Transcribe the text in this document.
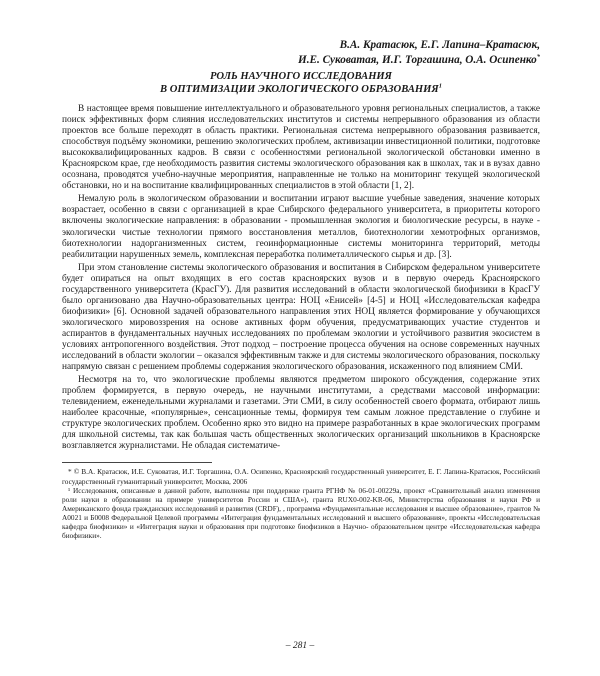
В.А. Кратасюк, Е.Г. Лапина–Кратасюк,
И.Е. Суковатая, И.Г. Торгашина, О.А. Осипенко*

РОЛЬ НАУЧНОГО ИССЛЕДОВАНИЯ
В ОПТИМИЗАЦИИ ЭКОЛОГИЧЕСКОГО ОБРАЗОВАНИЯ$^1$

В настоящее время повышение интеллектуального и образовательного уровня региональных специалистов, а также поиск эффективных форм слияния исследовательских институтов и системы непрерывного образования из области проектов все больше переходят в область практики. Региональная система непрерывного образования развивается, способствуя подъёму экономики, решению экологических проблем, активизации инвестиционной политики, подготовке высококвалифицированных кадров. В связи с особенностями региональной экологической обстановки именно в Красноярском крае, где необходимость развития системы экологического образования как в школах, так и в вузах давно осознана, проводятся учебно-научные мероприятия, направленные не только на мониторинг текущей экологической обстановки, но и на воспитание квалифицированных специалистов в этой области [1, 2].

Немалую роль в экологическом образовании и воспитании играют высшие учебные заведения, значение которых возрастает, особенно в связи с организацией в крае Сибирского федерального университета, в приоритеты которого включены экологические направления: в образовании - промышленная экология и биологические ресурсы, в науке - экологически чистые технологии прямого восстановления металлов, биотехнологии хемотрофных организмов, биотехнологии надорганизменных систем, геоинформационные системы мониторинга территорий, методы реабилитации нарушенных земель, комплексная переработка полиметаллического сырья и др. [3].

При этом становление системы экологического образования и воспитания в Сибирском федеральном университете будет опираться на опыт входящих в его состав красноярских вузов и в первую очередь Красноярского государственного университета (КрасГУ). Для развития исследований в области экологической биофизики в КрасГУ было организовано два Научно-образовательных центра: НОЦ «Енисей» [4-5] и НОЦ «Исследовательская кафедра биофизики» [6]. Основной задачей образовательного направления этих НОЦ является формирование у обучающихся экологического мировоззрения на основе активных форм обучения, предусматривающих участие студентов и аспирантов в фундаментальных научных исследованиях по проблемам экологии и устойчивого развития экосистем в условиях антропогенного воздействия. Этот подход – построение процесса обучения на основе современных научных исследований в области экологии – оказался эффективным также и для системы экологического образования, поскольку напрямую связан с решением проблемы содержания экологического образования, искаженного под влиянием СМИ.

Несмотря на то, что экологические проблемы являются предметом широкого обсуждения, содержание этих проблем формируется, в первую очередь, не научными институтами, а средствами массовой информации: телевидением, еженедельными журналами и газетами. Эти СМИ, в силу особенностей своего формата, отбирают лишь наиболее красочные, «популярные», сенсационные темы, формируя тем самым ложное представление о глубине и структуре экологических проблем. Особенно ярко это видно на примере разработанных в крае экологических программ для школьной системы, так как большая часть общественных экологических организаций школьников в Красноярске возглавляется журналистами. Не обладая систематиче-

* © В.А. Кратасюк, И.Е. Суковатая, И.Г. Торгашина, О.А. Осипенко, Красноярский государственный университет, Е. Г. Лапина-Кратасюк, Российский государственный гуманитарный университет, Москва, 2006

¹ Исследования, описанные в данной работе, выполнены при поддержке гранта РГНФ № 06-01-00229а, проект «Сравнительный анализ изменения роли науки в образовании на примере университетов России и США»), гранта RUX0-002-KR-06, Министерства образования и науки РФ и Американского фонда гражданских исследований и развития (CRDF), , программа «Фундаментальные исследования и высшее образование», грантов № А0021 и Б0008 Федеральной Целевой программы «Интеграция фундаментальных исследований и высшего образования», проекты «Исследовательская кафедра биофизики» и «Интеграция науки и образования при подготовке биофизиков в Научно- образовательном центре «Исследовательская кафедра биофизики».

– 281 –
